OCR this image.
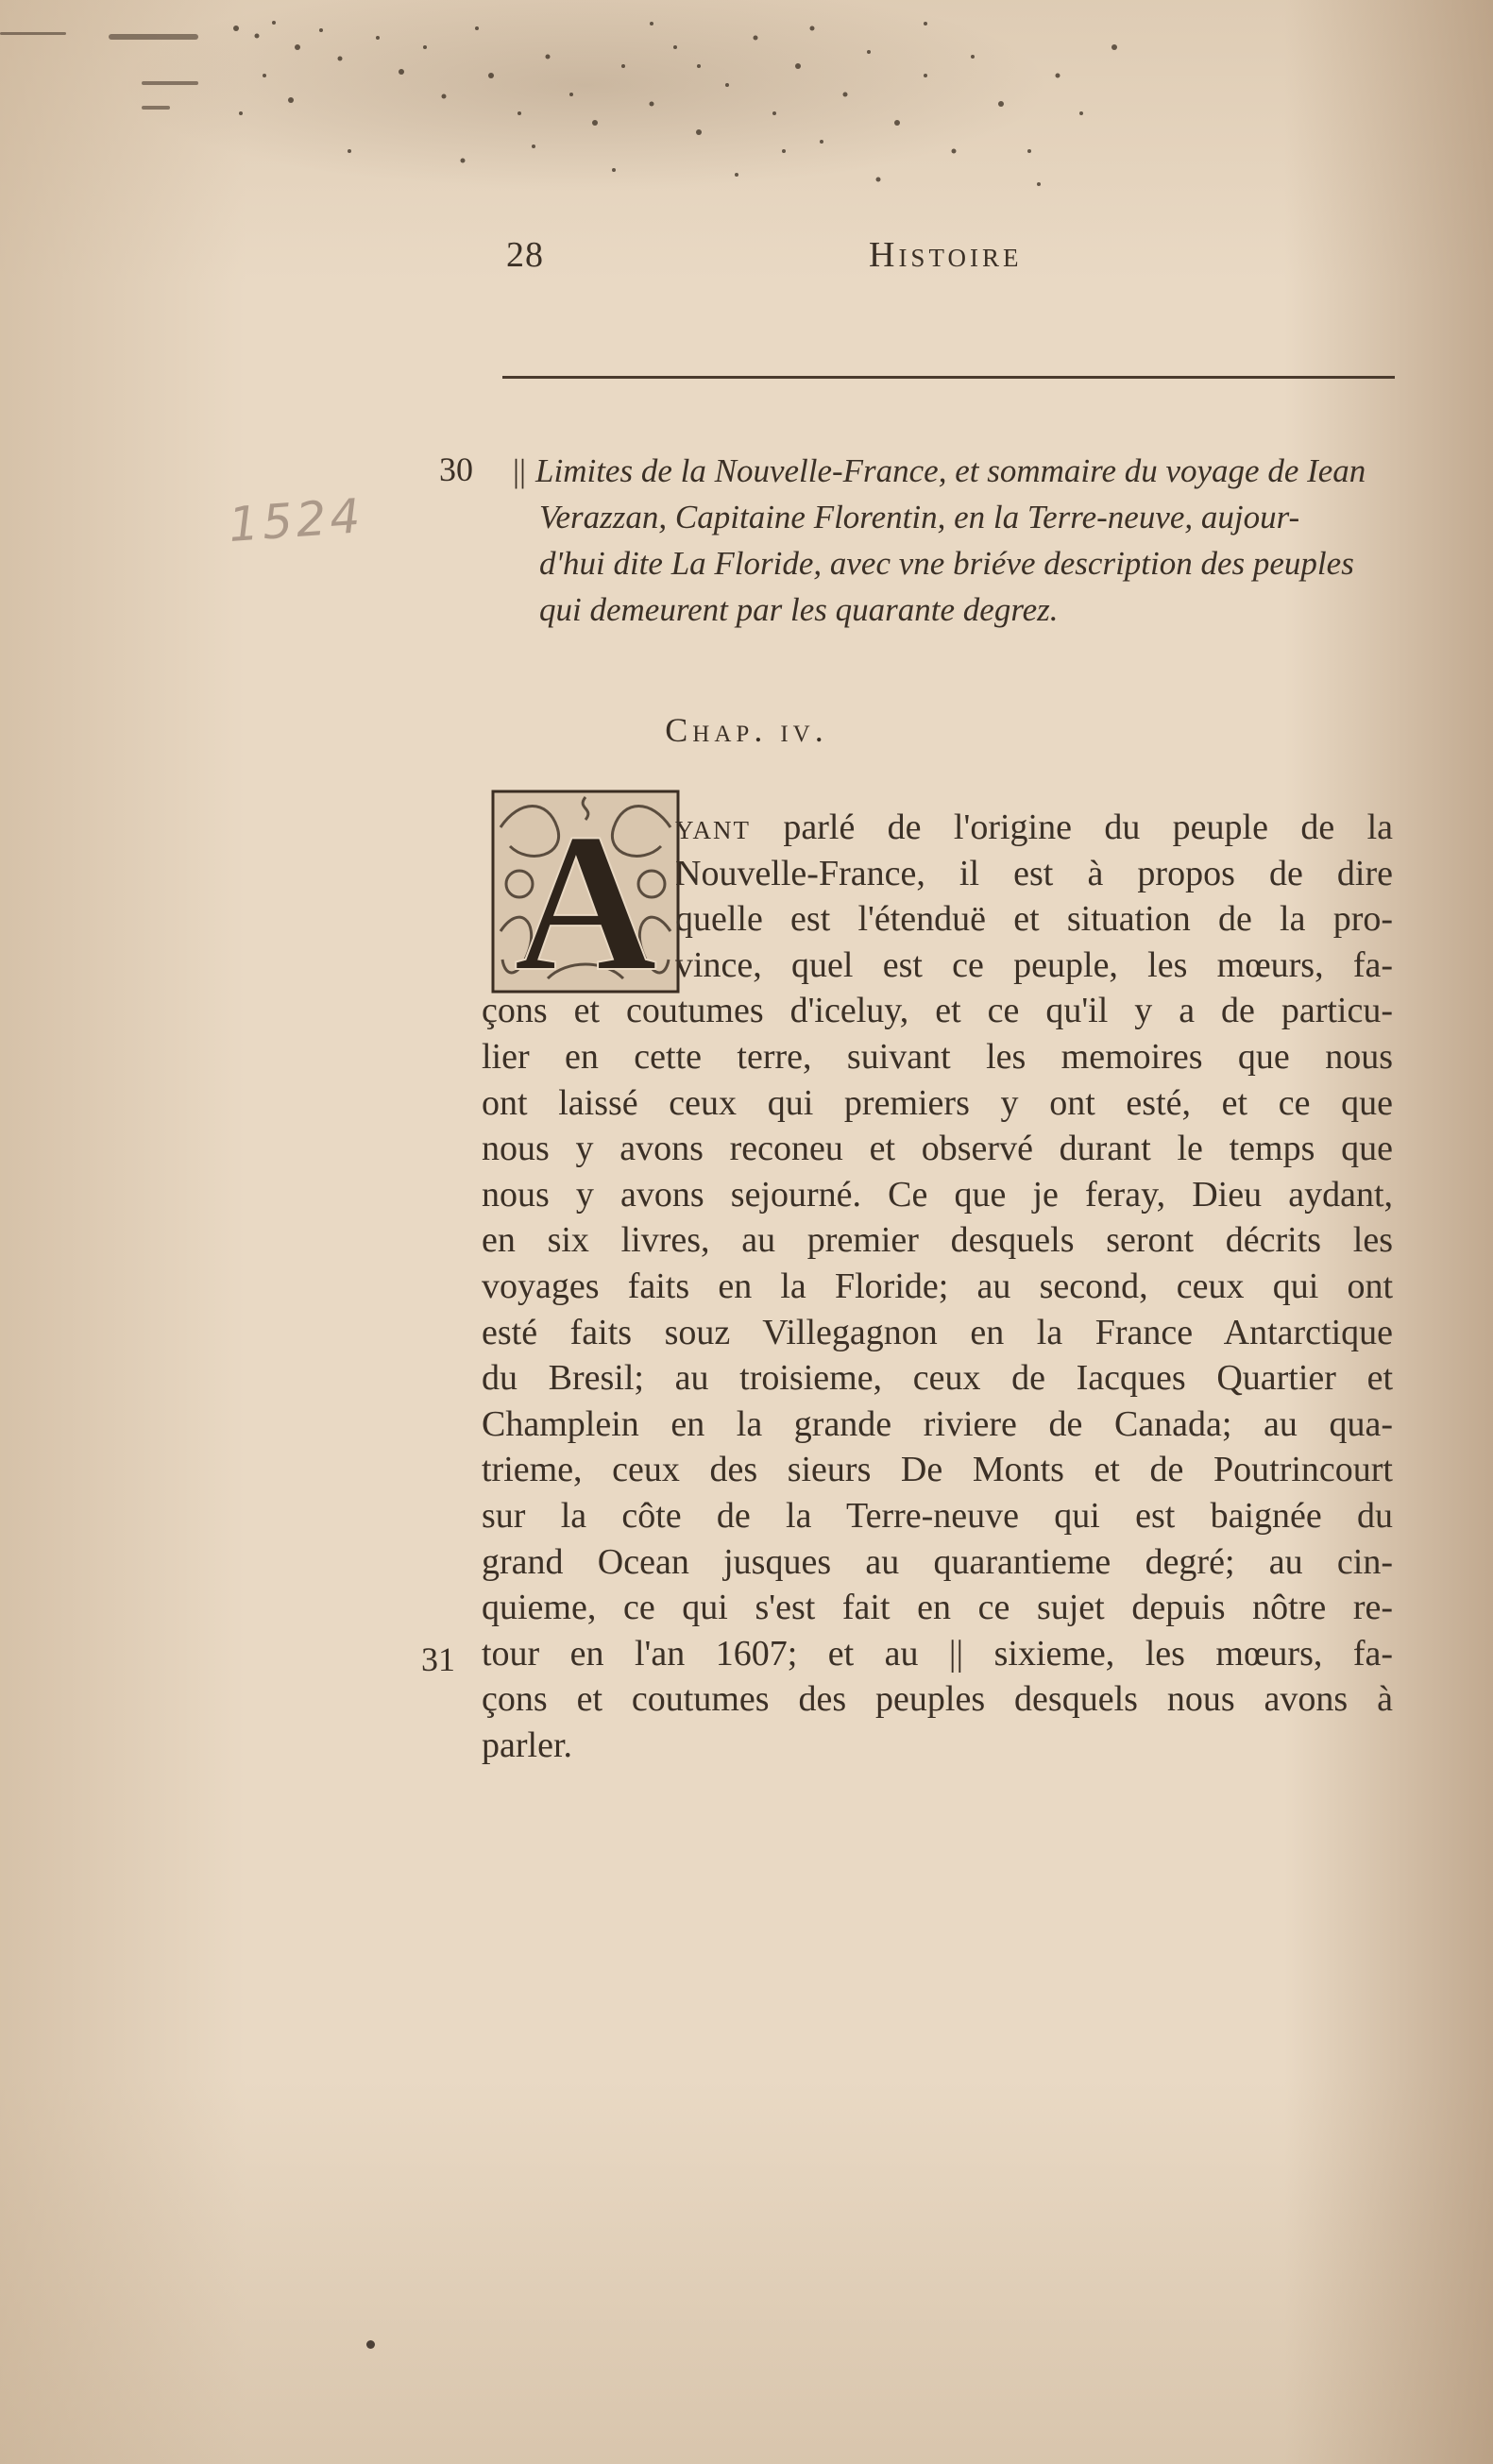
28	Histoire
30
31
1524
|| Limites de la Nouvelle-France, et sommaire du voyage de Iean
Verazzan, Capitaine Florentin, en la Terre-neuve, aujour-
d'hui dite La Floride, avec vne briéve description des peuples
qui demeurent par les quarante degrez.
Chap. iv.
A yant parlé de l'origine du peuple de la
Nouvelle-France, il est à propos de dire
quelle est l'étenduë et situation de la pro-
vince, quel est ce peuple, les mœurs, fa-
çons et coutumes d'iceluy, et ce qu'il y a de particu-
lier en cette terre, suivant les memoires que nous
ont laissé ceux qui premiers y ont esté, et ce que
nous y avons reconeu et observé durant le temps que
nous y avons sejourné. Ce que je feray, Dieu aydant,
en six livres, au premier desquels seront décrits les
voyages faits en la Floride; au second, ceux qui ont
esté faits souz Villegagnon en la France Antarctique
du Bresil; au troisieme, ceux de Iacques Quartier et
Champlein en la grande riviere de Canada; au qua-
trieme, ceux des sieurs De Monts et de Poutrincourt
sur la côte de la Terre-neuve qui est baignée du
grand Ocean jusques au quarantieme degré; au cin-
quieme, ce qui s'est fait en ce sujet depuis nôtre re-
tour en l'an 1607; et au || sixieme, les mœurs, fa-
çons et coutumes des peuples desquels nous avons à
parler.
